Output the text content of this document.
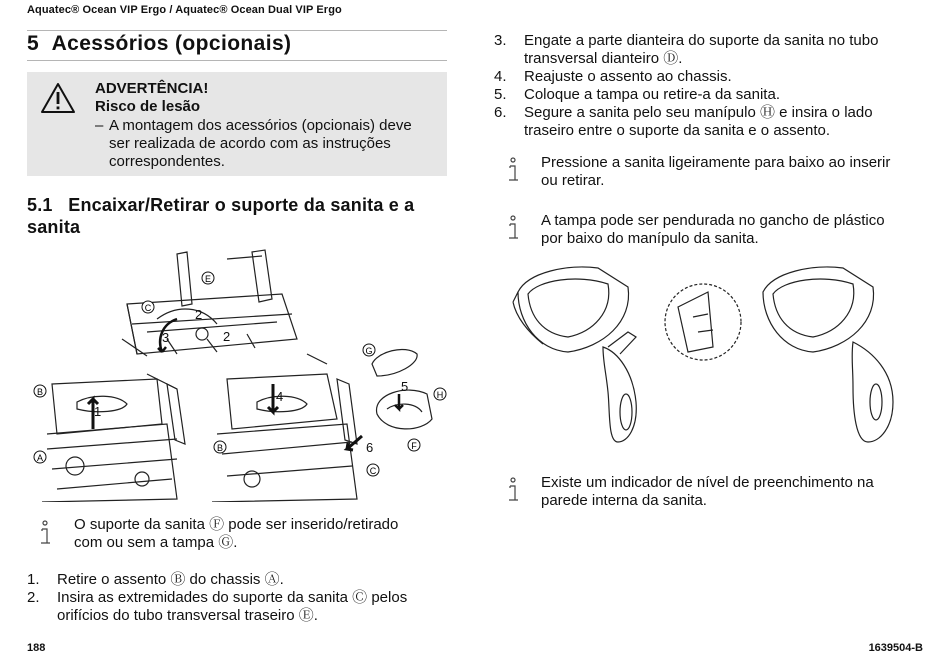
Aquatec® Ocean VIP Ergo / Aquatec® Ocean Dual VIP Ergo
5 Acessórios (opcionais)
ADVERTÊNCIA!
Risco de lesão
– A montagem dos acessórios (opcionais) deve ser realizada de acordo com as instruções correspondentes.
5.1 Encaixar/Retirar o suporte da sanita e a sanita
B
A
C
E
G
H
F
C
B
1
2
2
3
4
5
6
O suporte da sanita Ⓕ pode ser inserido/retirado com ou sem a tampa Ⓖ.
1. Retire o assento Ⓑ do chassis Ⓐ.
2. Insira as extremidades do suporte da sanita Ⓒ pelos orifícios do tubo transversal traseiro Ⓔ.
3. Engate a parte dianteira do suporte da sanita no tubo transversal dianteiro Ⓓ.
4. Reajuste o assento ao chassis.
5. Coloque a tampa ou retire-a da sanita.
6. Segure a sanita pelo seu manípulo Ⓗ e insira o lado traseiro entre o suporte da sanita e o assento.
Pressione a sanita ligeiramente para baixo ao inserir ou retirar.
A tampa pode ser pendurada no gancho de plástico por baixo do manípulo da sanita.
Existe um indicador de nível de preenchimento na parede interna da sanita.
188	1639504-B
